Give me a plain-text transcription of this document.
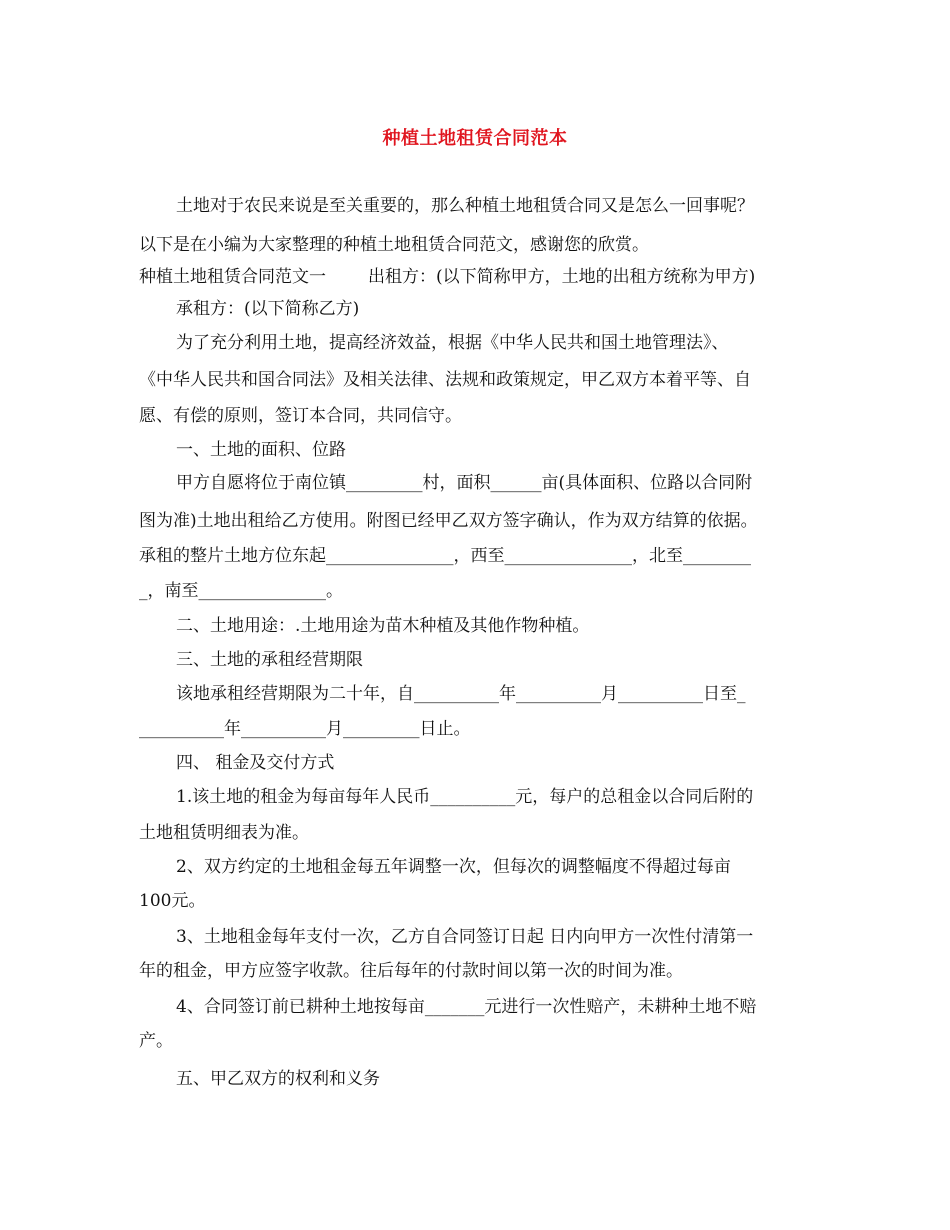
种植土地租赁合同范本
土地对于农民来说是至关重要的，那么种植土地租赁合同又是怎么一回事呢？
以下是在小编为大家整理的种植土地租赁合同范文，感谢您的欣赏。
种植土地租赁合同范文一 出租方：(以下简称甲方，土地的出租方统称为甲方)
承租方：(以下简称乙方)
为了充分利用土地，提高经济效益，根据《中华人民共和国土地管理法》、
《中华人民共和国合同法》及相关法律、法规和政策规定，甲乙双方本着平等、自
愿、有偿的原则，签订本合同，共同信守。
一、土地的面积、位路
甲方自愿将位于南位镇_________村，面积______亩(具体面积、位路以合同附
图为准)土地出租给乙方使用。附图已经甲乙双方签字确认，作为双方结算的依据。
承租的整片土地方位东起_______________，西至_______________，北至________
_，南至_______________。
二、土地用途：.土地用途为苗木种植及其他作物种植。
三、土地的承租经营期限
该地承租经营期限为二十年，自__________年__________月__________日至_
__________年__________月_________日止。
四、 租金及交付方式
1.该土地的租金为每亩每年人民币__________元，每户的总租金以合同后附的
土地租赁明细表为准。
2、双方约定的土地租金每五年调整一次，但每次的调整幅度不得超过每亩
100元。
3、土地租金每年支付一次，乙方自合同签订日起 日内向甲方一次性付清第一
年的租金，甲方应签字收款。往后每年的付款时间以第一次的时间为准。
4、合同签订前已耕种土地按每亩_______元进行一次性赔产，未耕种土地不赔
产。
五、甲乙双方的权利和义务
